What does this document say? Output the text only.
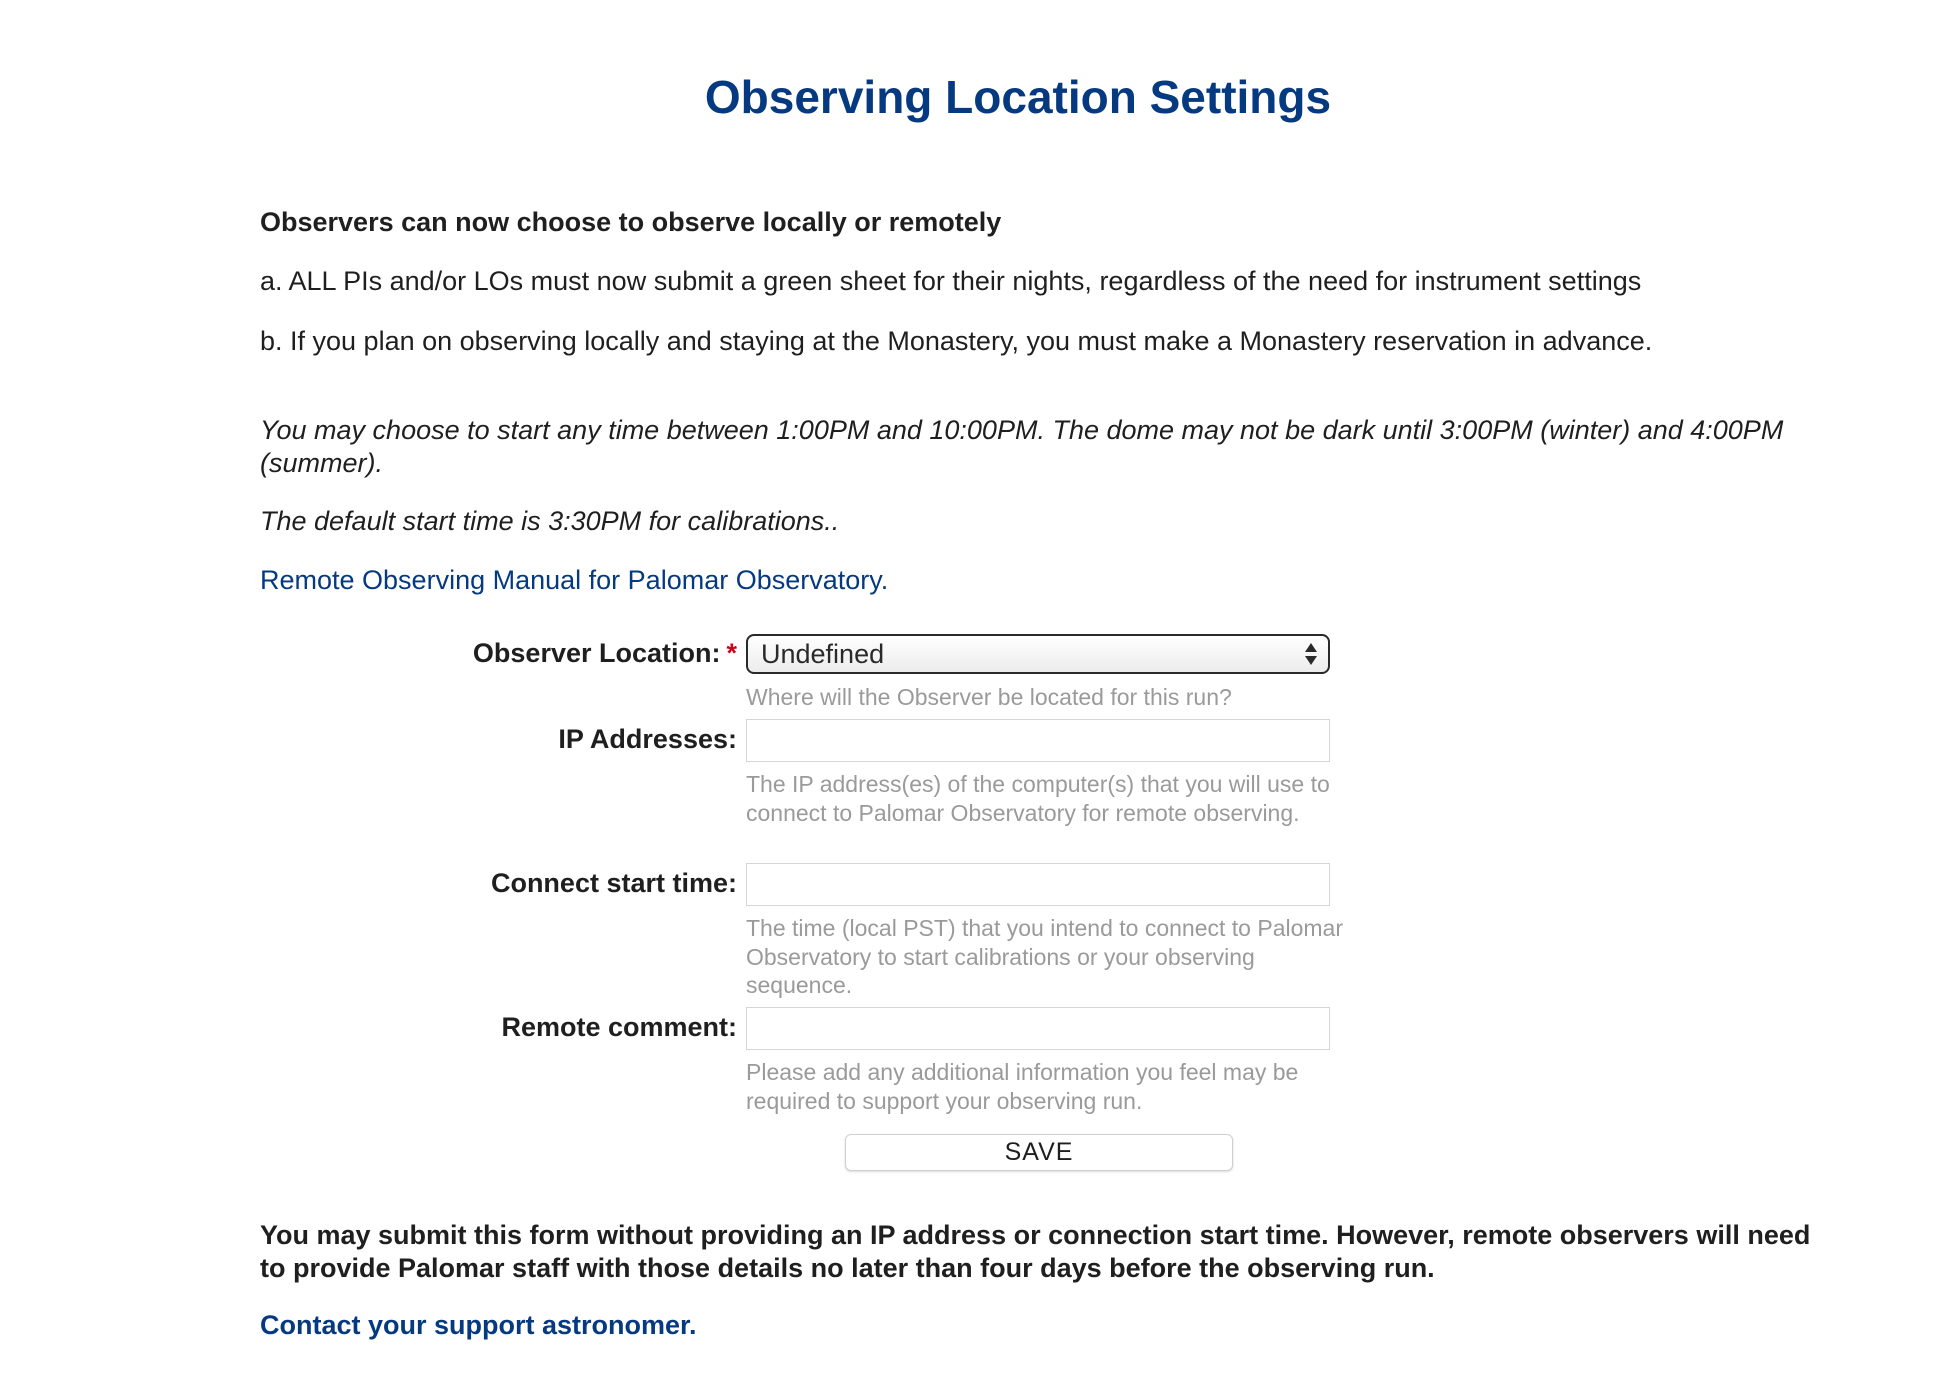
Observing Location Settings

Observers can now choose to observe locally or remotely

a. ALL PIs and/or LOs must now submit a green sheet for their nights, regardless of the need for instrument settings

b. If you plan on observing locally and staying at the Monastery, you must make a Monastery reservation in advance.

You may choose to start any time between 1:00PM and 10:00PM. The dome may not be dark until 3:00PM (winter) and 4:00PM (summer).

The default start time is 3:30PM for calibrations..

Remote Observing Manual for Palomar Observatory.
Observer Location: * Undefined

Where will the Observer be located for this run?

IP Addresses:

The IP address(es) of the computer(s) that you will use to connect to Palomar Observatory for remote observing.

Connect start time:

The time (local PST) that you intend to connect to Palomar Observatory to start calibrations or your observing sequence.

Remote comment:

Please add any additional information you feel may be required to support your observing run.

SAVE

You may submit this form without providing an IP address or connection start time. However, remote observers will need to provide Palomar staff with those details no later than four days before the observing run.

Contact your support astronomer.
